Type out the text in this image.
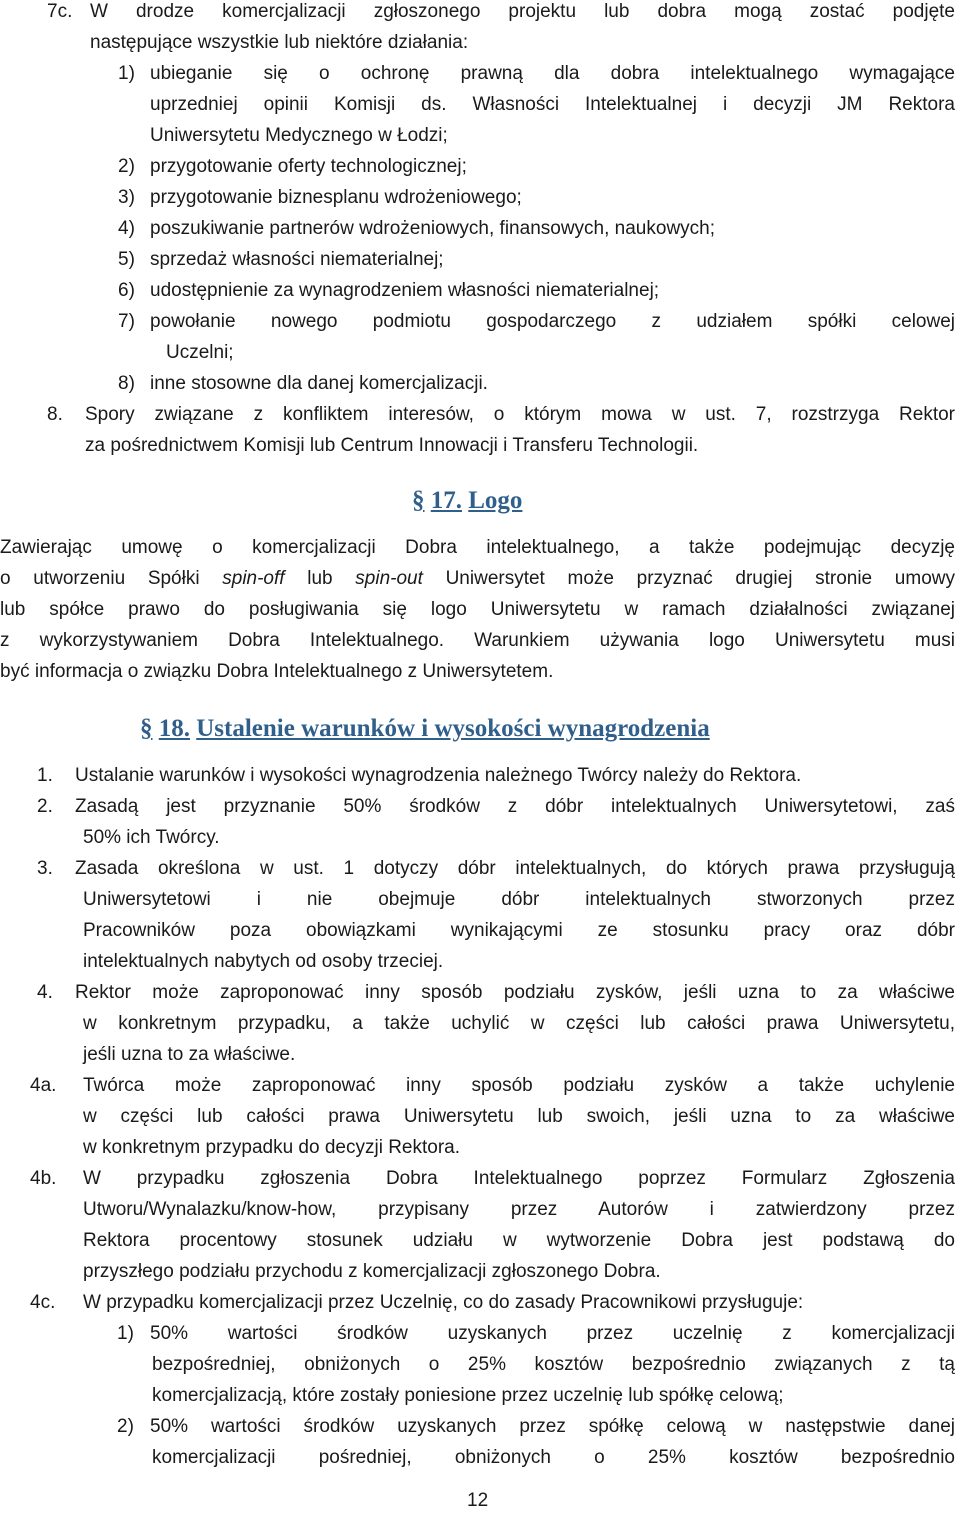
7c. W drodze komercjalizacji zgłoszonego projektu lub dobra mogą zostać podjęte
następujące wszystkie lub niektóre działania:
1) ubieganie się o ochronę prawną dla dobra intelektualnego wymagające
uprzedniej opinii Komisji ds. Własności Intelektualnej i decyzji JM Rektora
Uniwersytetu Medycznego w Łodzi;
2) przygotowanie oferty technologicznej;
3) przygotowanie biznesplanu wdrożeniowego;
4) poszukiwanie partnerów wdrożeniowych, finansowych, naukowych;
5) sprzedaż własności niematerialnej;
6) udostępnienie za wynagrodzeniem własności niematerialnej;
7) powołanie nowego podmiotu gospodarczego z udziałem spółki celowej
Uczelni;
8) inne stosowne dla danej komercjalizacji.
8. Spory związane z konfliktem interesów, o którym mowa w ust. 7, rozstrzyga Rektor
za pośrednictwem Komisji lub Centrum Innowacji i Transferu Technologii.
§ 17. Logo
Zawierając umowę o komercjalizacji Dobra intelektualnego, a także podejmując decyzję
o utworzeniu Spółki spin-off lub spin-out Uniwersytet może przyznać drugiej stronie umowy
lub spółce prawo do posługiwania się logo Uniwersytetu w ramach działalności związanej
z wykorzystywaniem Dobra Intelektualnego. Warunkiem używania logo Uniwersytetu musi
być informacja o związku Dobra Intelektualnego z Uniwersytetem.
§ 18. Ustalenie warunków i wysokości wynagrodzenia
1. Ustalanie warunków i wysokości wynagrodzenia należnego Twórcy należy do Rektora.
2. Zasadą jest przyznanie 50% środków z dóbr intelektualnych Uniwersytetowi, zaś
50% ich Twórcy.
3. Zasada określona w ust. 1 dotyczy dóbr intelektualnych, do których prawa przysługują
Uniwersytetowi i nie obejmuje dóbr intelektualnych stworzonych przez
Pracowników poza obowiązkami wynikającymi ze stosunku pracy oraz dóbr
intelektualnych nabytych od osoby trzeciej.
4. Rektor może zaproponować inny sposób podziału zysków, jeśli uzna to za właściwe
w konkretnym przypadku, a także uchylić w części lub całości prawa Uniwersytetu,
jeśli uzna to za właściwe.
4a. Twórca może zaproponować inny sposób podziału zysków a także uchylenie
w części lub całości prawa Uniwersytetu lub swoich, jeśli uzna to za właściwe
w konkretnym przypadku do decyzji Rektora.
4b. W przypadku zgłoszenia Dobra Intelektualnego poprzez Formularz Zgłoszenia
Utworu/Wynalazku/know-how, przypisany przez Autorów i zatwierdzony przez
Rektora procentowy stosunek udziału w wytworzenie Dobra jest podstawą do
przyszłego podziału przychodu z komercjalizacji zgłoszonego Dobra.
4c. W przypadku komercjalizacji przez Uczelnię, co do zasady Pracownikowi przysługuje:
1) 50% wartości środków uzyskanych przez uczelnię z komercjalizacji
bezpośredniej, obniżonych o 25% kosztów bezpośrednio związanych z tą
komercjalizacją, które zostały poniesione przez uczelnię lub spółkę celową;
2) 50% wartości środków uzyskanych przez spółkę celową w następstwie danej
komercjalizacji pośredniej, obniżonych o 25% kosztów bezpośrednio
12
